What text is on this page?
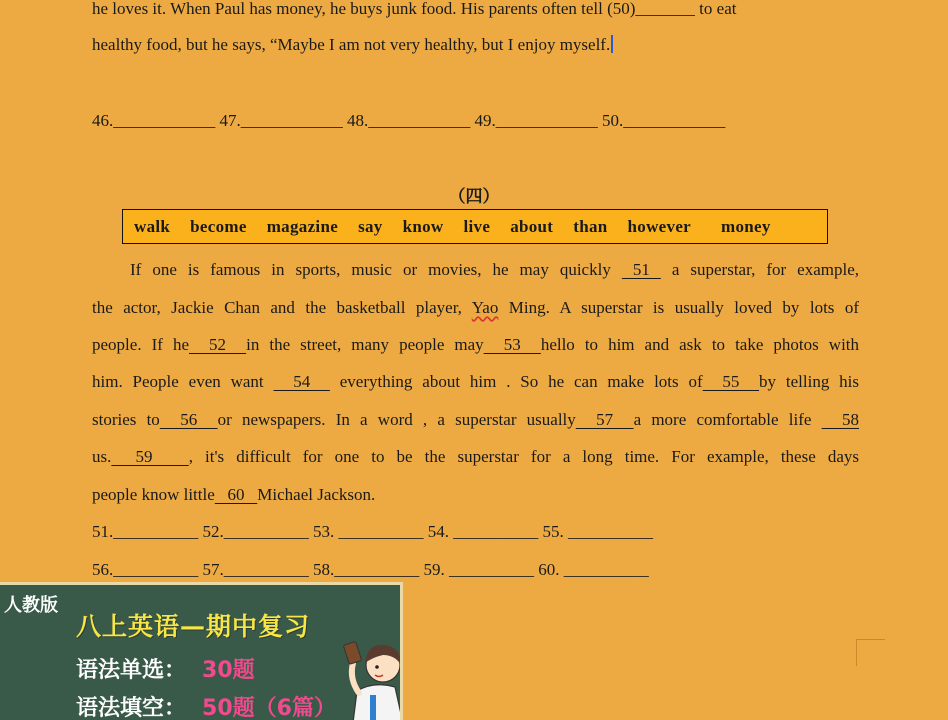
he loves it. When Paul has money, he buys junk food. His parents often tell (50)_______ to eat
healthy food, but he says, “Maybe I am not very healthy, but I enjoy myself.
46.____________ 47.____________ 48.____________ 49.____________ 50.____________
（四）
walk become magazine say know live about than however money
If one is famous in sports, music or movies, he may quickly  51  a superstar, for example,
the actor, Jackie Chan and the basketball player, Yao Ming. A superstar is usually loved by lots of
people. If he  52  in the street, many people may  53  hello to him and ask to take photos with
him. People even want   54   everything about him . So he can make lots of  55  by telling his
stories to  56  or newspapers. In a word , a superstar usually  57  a more comfortable life   58
us.  59   , it's difficult for one to be the superstar for a long time. For example, these days
people know little   60   Michael Jackson.
51.__________ 52.__________ 53. __________ 54. __________ 55. __________
56.__________ 57.__________ 58.__________ 59. __________ 60. __________
人教版
八上英语—期中复习
语法单选： 30题
语法填空： 50题（6篇）
